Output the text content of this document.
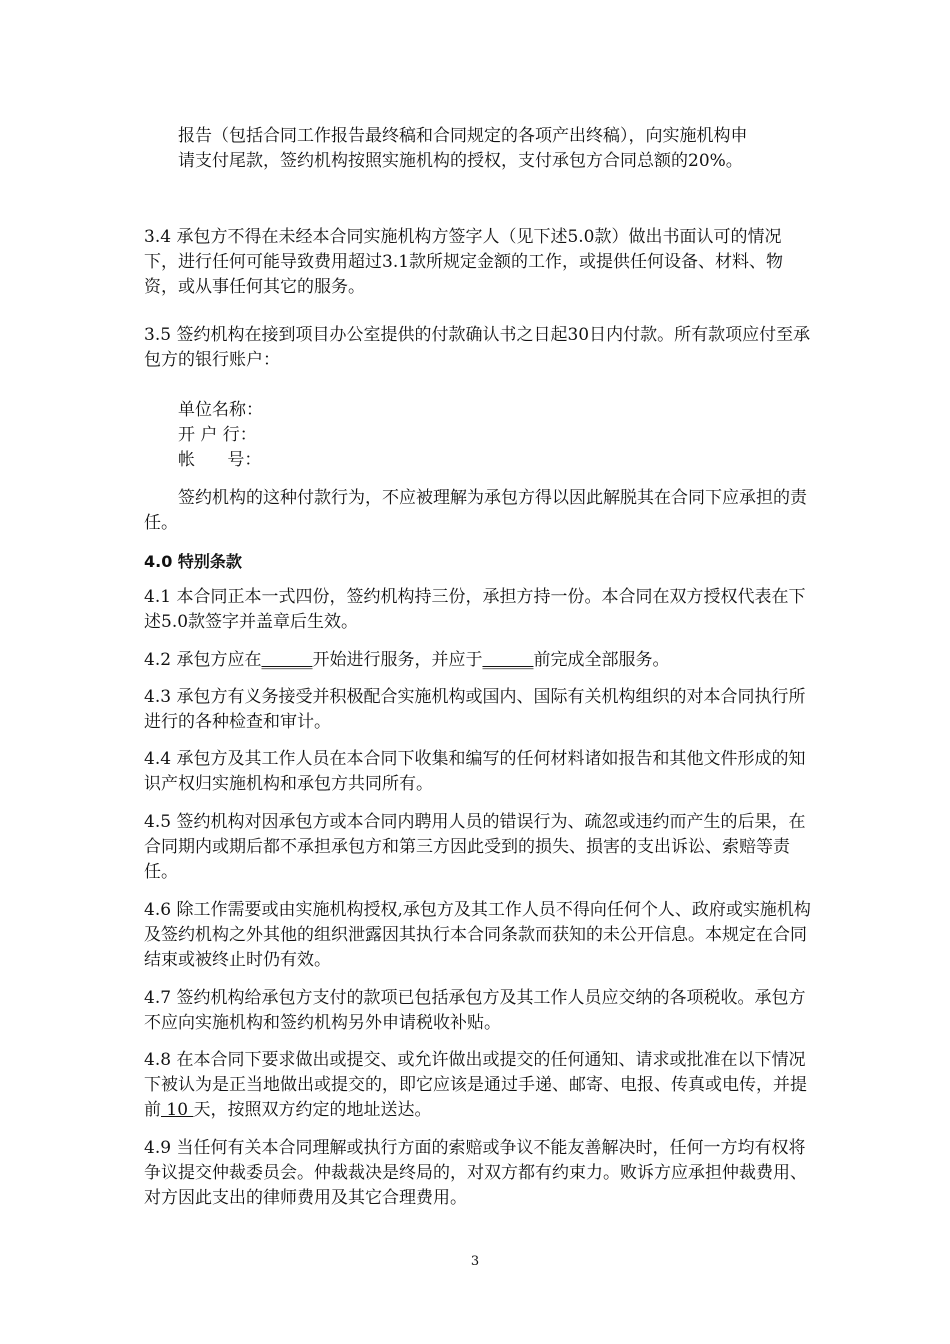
报告（包括合同工作报告最终稿和合同规定的各项产出终稿），向实施机构申
请支付尾款，签约机构按照实施机构的授权，支付承包方合同总额的20%。

3.4 承包方不得在未经本合同实施机构方签字人（见下述5.0款）做出书面认可的情况下，进行任何可能导致费用超过3.1款所规定金额的工作，或提供任何设备、材料、物资，或从事任何其它的服务。

3.5 签约机构在接到项目办公室提供的付款确认书之日起30日内付款。所有款项应付至承包方的银行账户：

单位名称：

开 户 行：

帐      号：

签约机构的这种付款行为，不应被理解为承包方得以因此解脱其在合同下应承担的责任。

4.0 特别条款

4.1 本合同正本一式四份，签约机构持三份，承担方持一份。本合同在双方授权代表在下述5.0款签字并盖章后生效。

4.2 承包方应在______开始进行服务，并应于______前完成全部服务。

4.3 承包方有义务接受并积极配合实施机构或国内、国际有关机构组织的对本合同执行所进行的各种检查和审计。

4.4 承包方及其工作人员在本合同下收集和编写的任何材料诸如报告和其他文件形成的知识产权归实施机构和承包方共同所有。

4.5 签约机构对因承包方或本合同内聘用人员的错误行为、疏忽或违约而产生的后果，在合同期内或期后都不承担承包方和第三方因此受到的损失、损害的支出诉讼、索赔等责任。

4.6 除工作需要或由实施机构授权,承包方及其工作人员不得向任何个人、政府或实施机构及签约机构之外其他的组织泄露因其执行本合同条款而获知的未公开信息。本规定在合同结束或被终止时仍有效。

4.7 签约机构给承包方支付的款项已包括承包方及其工作人员应交纳的各项税收。承包方不应向实施机构和签约机构另外申请税收补贴。

4.8 在本合同下要求做出或提交、或允许做出或提交的任何通知、请求或批准在以下情况下被认为是正当地做出或提交的，即它应该是通过手递、邮寄、电报、传真或电传，并提前 10 天，按照双方约定的地址送达。

4.9 当任何有关本合同理解或执行方面的索赔或争议不能友善解决时，任何一方均有权将争议提交仲裁委员会。仲裁裁决是终局的，对双方都有约束力。败诉方应承担仲裁费用、对方因此支出的律师费用及其它合理费用。

3
